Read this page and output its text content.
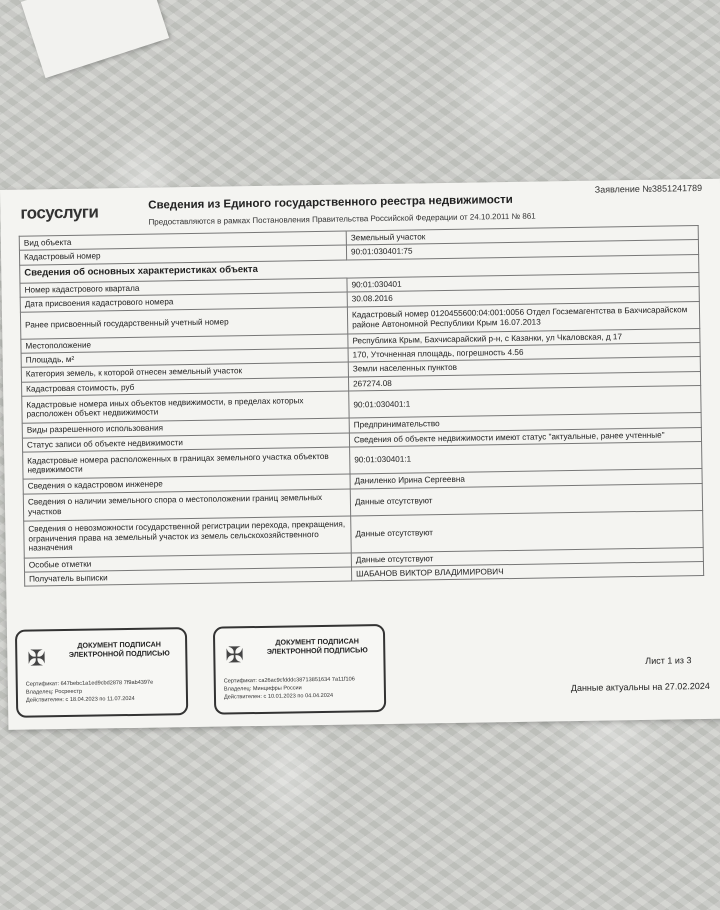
госуслуги	Сведения из Единого государственного реестра недвижимости
Предоставляются в рамках Постановления Правительства Российской Федерации от 24.10.2011 № 861
Заявление №3851241789
Вид объекта	Земельный участок
Кадастровый номер	90:01:030401:75
Сведения об основных характеристиках объекта	
Номер кадастрового квартала	90:01:030401
Дата присвоения кадастрового номера	30.08.2016
Ранее присвоенный государственный учетный номер	Кадастровый номер 0120455600:04:001:0056 Отдел Госземагентства в Бахчисарайском районе Автономной Республики Крым 16.07.2013
Местоположение	Республика Крым, Бахчисарайский р-н, с Казанки, ул Чкаловская, д 17
Площадь, м²	170, Уточненная площадь, погрешность 4.56
Категория земель, к которой отнесен земельный участок	Земли населенных пунктов
Кадастровая стоимость, руб	267274.08
Кадастровые номера иных объектов недвижимости, в пределах которых расположен объект недвижимости	90:01:030401:1
Виды разрешенного использования	Предпринимательство
Статус записи об объекте недвижимости	Сведения об объекте недвижимости имеют статус "актуальные, ранее учтенные"
Кадастровые номера расположенных в границах земельного участка объектов недвижимости	90:01:030401:1
Сведения о кадастровом инженере	Даниленко Ирина Сергеевна
Сведения о наличии земельного спора о местоположении границ земельных участков	Данные отсутствуют
Сведения о невозможности государственной регистрации перехода, прекращения, ограничения права на земельный участок из земель сельскохозяйственного назначения	Данные отсутствуют
Особые отметки	Данные отсутствуют
Получатель выписки	ШАБАНОВ ВИКТОР ВЛАДИМИРОВИЧ
✠
ДОКУМЕНТ ПОДПИСАН ЭЛЕКТРОННОЙ ПОДПИСЬЮ
Сертификат: 647bebc1a1ed9cbd2878 7f9ab4397e
Владелец: Росреестр
Действителен: с 18.04.2023 по 11.07.2024
✠
ДОКУМЕНТ ПОДПИСАН ЭЛЕКТРОННОЙ ПОДПИСЬЮ
Сертификат: ca26ac9cfdddc38713851634 7a11f106
Владелец: Минцифры России
Действителен: с 10.01.2023 по 04.04.2024
Лист 1 из 3
Данные актуальны на 27.02.2024
